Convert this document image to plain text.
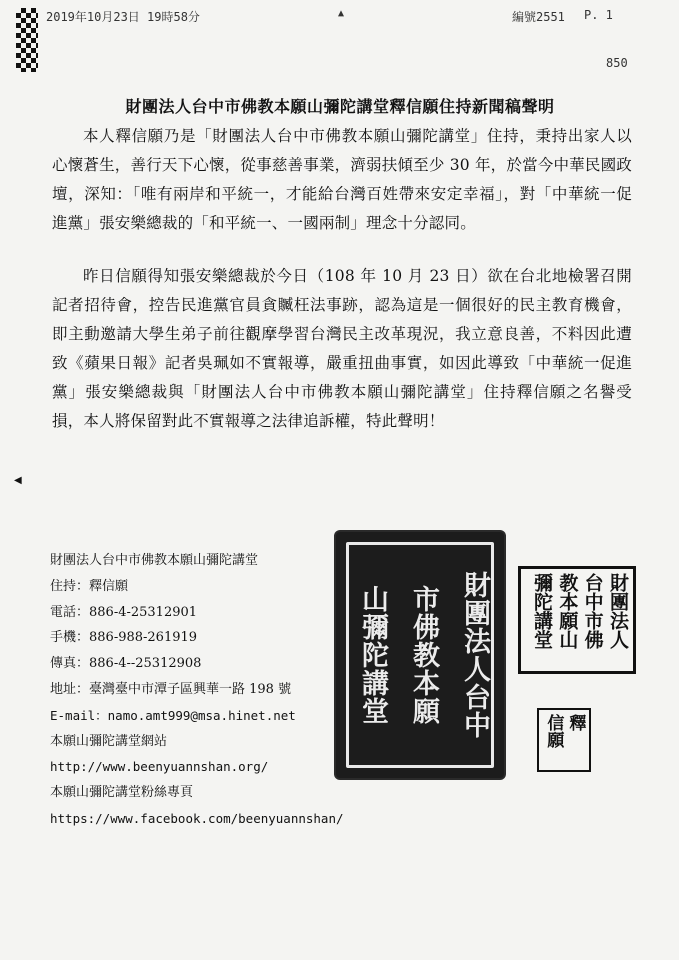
2019年10月23日 19時58分	▲	編號2551 P. 1
850
財團法人台中市佛教本願山彌陀講堂釋信願住持新聞稿聲明
本人釋信願乃是「財團法人台中市佛教本願山彌陀講堂」住持，秉持出家人以心懷蒼生，善行天下心懷，從事慈善事業，濟弱扶傾至少 30 年，於當今中華民國政壇，深知：「唯有兩岸和平統一，才能給台灣百姓帶來安定幸福」，對「中華統一促進黨」張安樂總裁的「和平統一、一國兩制」理念十分認同。
昨日信願得知張安樂總裁於今日（108 年 10 月 23 日）欲在台北地檢署召開記者招待會，控告民進黨官員貪贓枉法事跡，認為這是一個很好的民主教育機會，即主動邀請大學生弟子前往觀摩學習台灣民主改革現況，我立意良善，不料因此遭致《蘋果日報》記者吳珮如不實報導，嚴重扭曲事實，如因此導致「中華統一促進黨」張安樂總裁與「財團法人台中市佛教本願山彌陀講堂」住持釋信願之名譽受損，本人將保留對此不實報導之法律追訴權，特此聲明！
◀
財團法人台中市佛教本願山彌陀講堂
住持：釋信願
電話：886-4-25312901
手機：886-988-261919
傳真：886-4--25312908
地址：臺灣臺中市潭子區興華一路 198 號
E-mail：namo.amt999@msa.hinet.net
本願山彌陀講堂網站
http://www.beenyuannshan.org/
本願山彌陀講堂粉絲專頁
https://www.facebook.com/beenyuannshan/
財團法人台中
市佛教本願
山彌陀講堂	財團法人
台中市佛
教本願山
彌陀講堂
釋
信願
